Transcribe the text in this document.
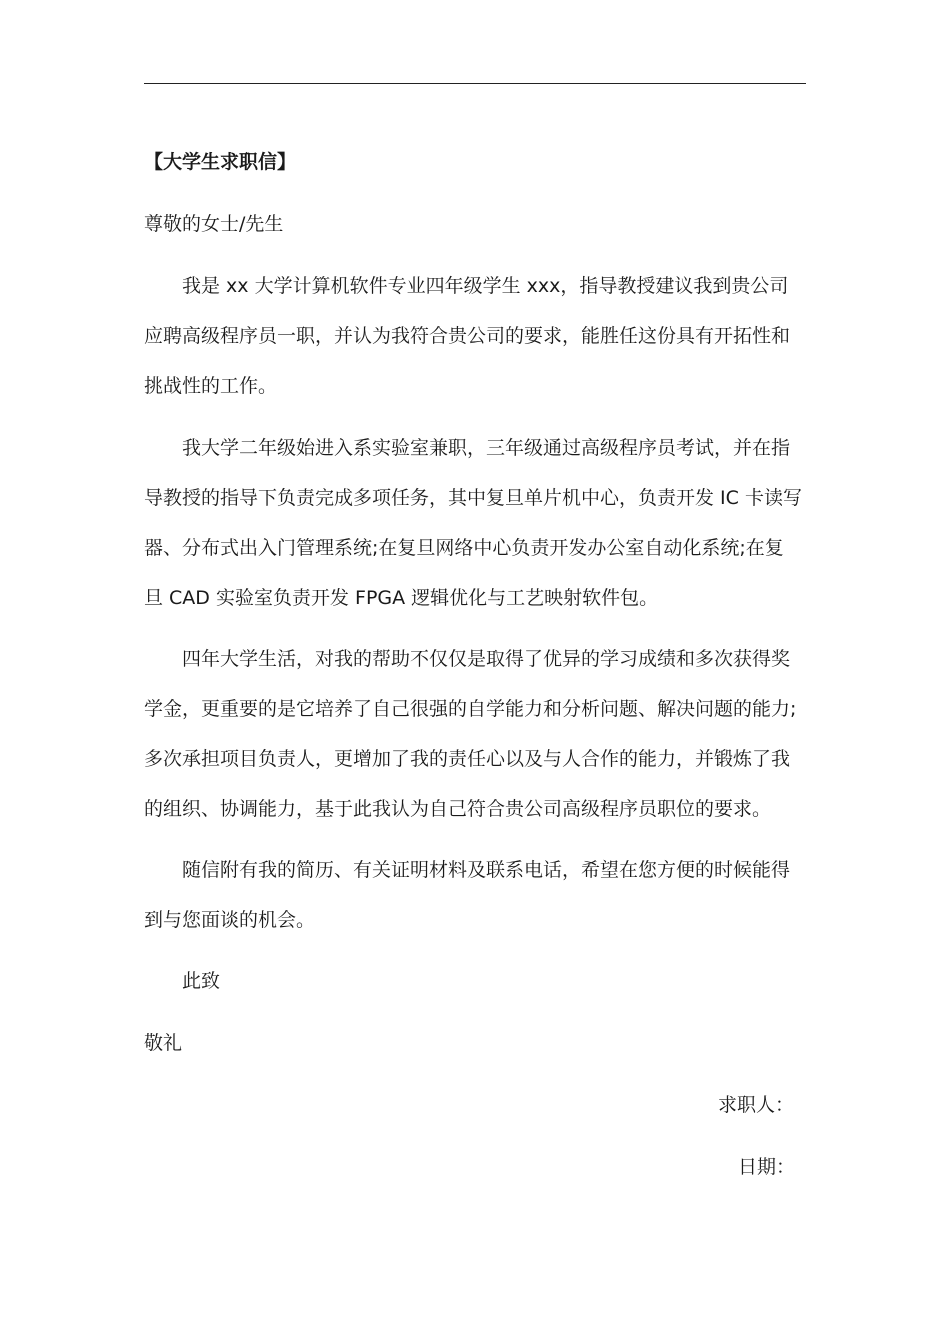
【大学生求职信】
尊敬的女士/先生
我是 xx 大学计算机软件专业四年级学生 xxx，指导教授建议我到贵公司
应聘高级程序员一职，并认为我符合贵公司的要求，能胜任这份具有开拓性和
挑战性的工作。
我大学二年级始进入系实验室兼职，三年级通过高级程序员考试，并在指
导教授的指导下负责完成多项任务，其中复旦单片机中心，负责开发 IC 卡读写
器、分布式出入门管理系统;在复旦网络中心负责开发办公室自动化系统;在复
旦 CAD 实验室负责开发 FPGA 逻辑优化与工艺映射软件包。
四年大学生活，对我的帮助不仅仅是取得了优异的学习成绩和多次获得奖
学金，更重要的是它培养了自己很强的自学能力和分析问题、解决问题的能力;
多次承担项目负责人，更增加了我的责任心以及与人合作的能力，并锻炼了我
的组织、协调能力，基于此我认为自己符合贵公司高级程序员职位的要求。
随信附有我的简历、有关证明材料及联系电话，希望在您方便的时候能得
到与您面谈的机会。
此致
敬礼
求职人：
日期：
